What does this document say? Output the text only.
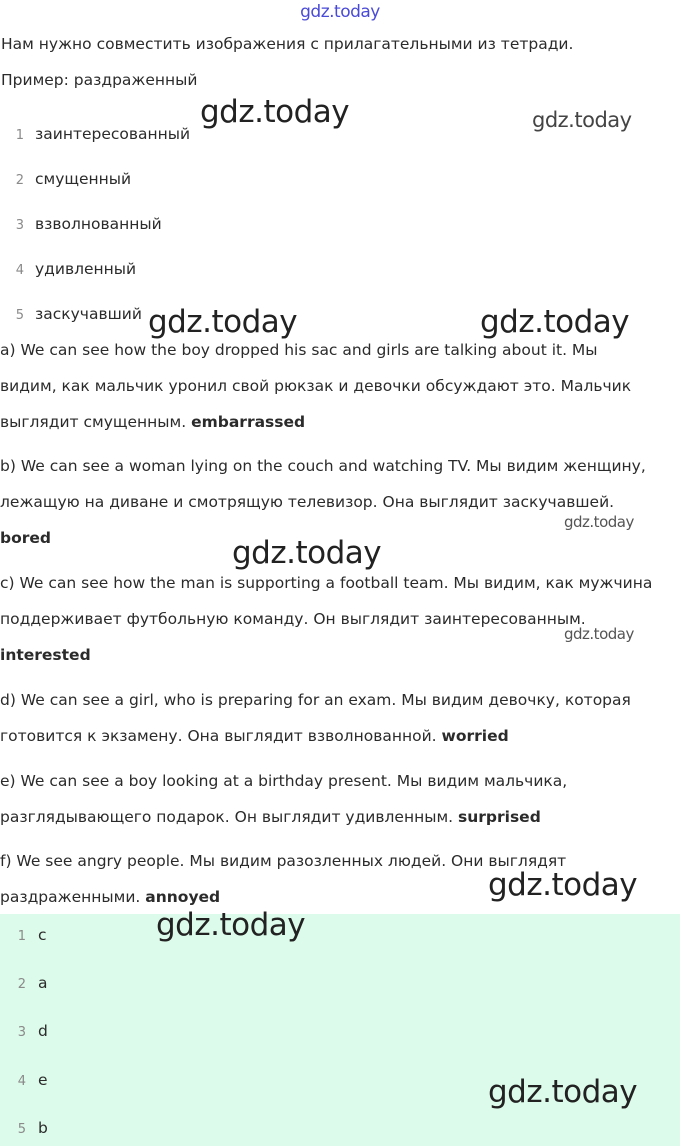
gdz.today
Нам нужно совместить изображения с прилагательными из тетради.
Пример: раздраженный
1 заинтересованный
2 смущенный
3 взволнованный
4 удивленный
5 заскучавший
a) We can see how the boy dropped his sac and girls are talking about it. Мы
видим, как мальчик уронил свой рюкзак и девочки обсуждают это. Мальчик
выглядит смущенным. embarrassed
b) We can see a woman lying on the couch and watching TV. Мы видим женщину,
лежащую на диване и смотрящую телевизор. Она выглядит заскучавшей.
bored
c) We can see how the man is supporting a football team. Мы видим, как мужчина
поддерживает футбольную команду. Он выглядит заинтересованным.
interested
d) We can see a girl, who is preparing for an exam. Мы видим девочку, которая
готовится к экзамену. Она выглядит взволнованной. worried
e) We can see a boy looking at a birthday present. Мы видим мальчика,
разглядывающего подарок. Он выглядит удивленным. surprised
f) We see angry people. Мы видим разозленных людей. Они выглядят
раздраженными. annoyed
1 c
2 a
3 d
4 e
5 b
gdz.today	gdz.today
gdz.today	gdz.today
gdz.today
gdz.today
gdz.today
gdz.today
gdz.today
gdz.today
